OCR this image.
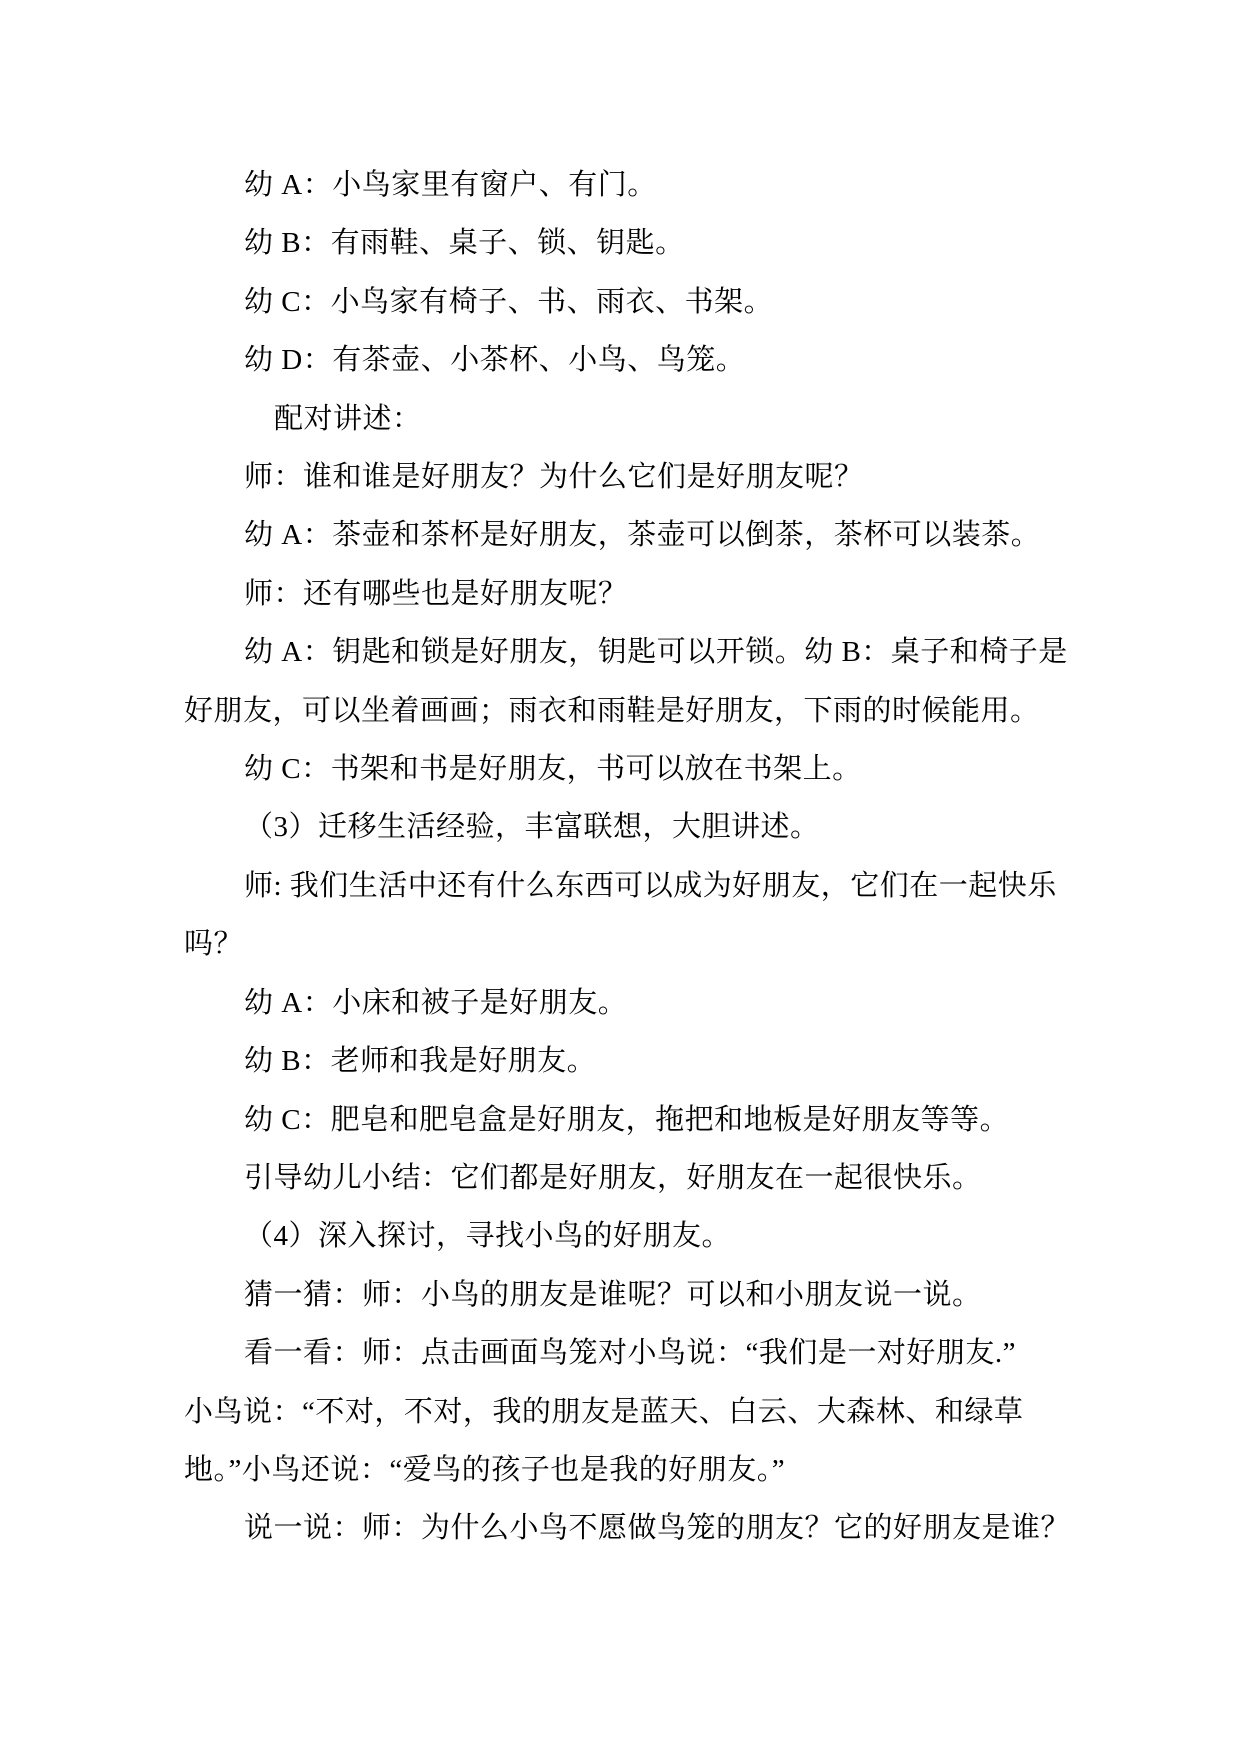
幼 A：小鸟家里有窗户、有门。
幼 B：有雨鞋、桌子、锁、钥匙。
幼 C：小鸟家有椅子、书、雨衣、书架。
幼 D：有茶壶、小茶杯、小鸟、鸟笼。
配对讲述：
师：谁和谁是好朋友？为什么它们是好朋友呢？
幼 A：茶壶和茶杯是好朋友，茶壶可以倒茶，茶杯可以装茶。
师：还有哪些也是好朋友呢？
幼 A：钥匙和锁是好朋友，钥匙可以开锁。幼 B：桌子和椅子是
好朋友，可以坐着画画；雨衣和雨鞋是好朋友，下雨的时候能用。
幼 C：书架和书是好朋友，书可以放在书架上。
（3）迁移生活经验，丰富联想，大胆讲述。
师: 我们生活中还有什么东西可以成为好朋友，它们在一起快乐
吗？
幼 A：小床和被子是好朋友。
幼 B：老师和我是好朋友。
幼 C：肥皂和肥皂盒是好朋友，拖把和地板是好朋友等等。
引导幼儿小结：它们都是好朋友，好朋友在一起很快乐。
（4）深入探讨，寻找小鸟的好朋友。
猜一猜：师：小鸟的朋友是谁呢？可以和小朋友说一说。
看一看：师：点击画面鸟笼对小鸟说：“我们是一对好朋友.”
小鸟说：“不对，不对，我的朋友是蓝天、白云、大森林、和绿草
地。”小鸟还说：“爱鸟的孩子也是我的好朋友。”
说一说：师：为什么小鸟不愿做鸟笼的朋友？它的好朋友是谁？
